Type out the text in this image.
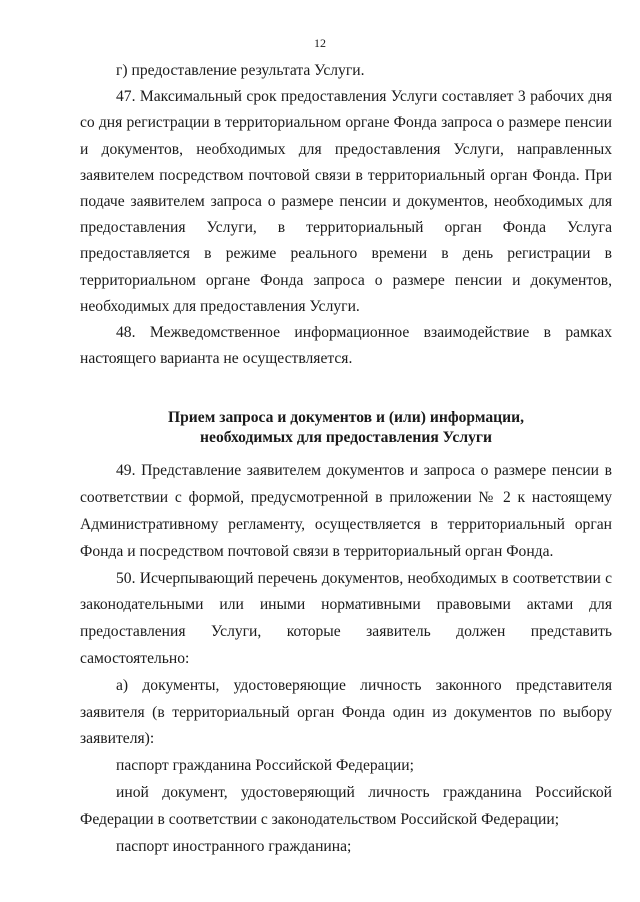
12

г) предоставление результата Услуги.

47. Максимальный срок предоставления Услуги составляет 3 рабочих дня со дня регистрации в территориальном органе Фонда запроса о размере пенсии и документов, необходимых для предоставления Услуги, направленных заявителем посредством почтовой связи в территориальный орган Фонда. При подаче заявителем запроса о размере пенсии и документов, необходимых для предоставления Услуги, в территориальный орган Фонда Услуга предоставляется в режиме реального времени в день регистрации в территориальном органе Фонда запроса о размере пенсии и документов, необходимых для предоставления Услуги.

48. Межведомственное информационное взаимодействие в рамках настоящего варианта не осуществляется.

Прием запроса и документов и (или) информации,
необходимых для предоставления Услуги

49. Представление заявителем документов и запроса о размере пенсии в соответствии с формой, предусмотренной в приложении № 2 к настоящему Административному регламенту, осуществляется в территориальный орган Фонда и посредством почтовой связи в территориальный орган Фонда.

50. Исчерпывающий перечень документов, необходимых в соответствии с законодательными или иными нормативными правовыми актами для предоставления Услуги, которые заявитель должен представить самостоятельно:

а) документы, удостоверяющие личность законного представителя заявителя (в территориальный орган Фонда один из документов по выбору заявителя):

паспорт гражданина Российской Федерации;

иной документ, удостоверяющий личность гражданина Российской Федерации в соответствии с законодательством Российской Федерации;

паспорт иностранного гражданина;
